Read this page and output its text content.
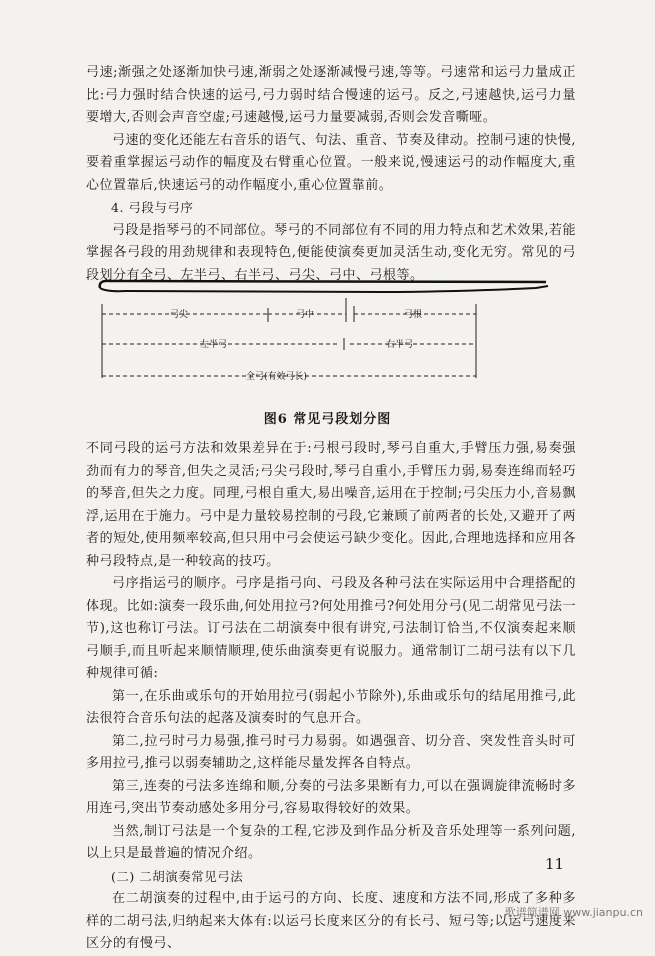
弓速;渐强之处逐渐加快弓速,渐弱之处逐渐减慢弓速,等等。弓速常和运弓力量成正比:弓力强时结合快速的运弓,弓力弱时结合慢速的运弓。反之,弓速越快,运弓力量要增大,否则会声音空虚;弓速越慢,运弓力量要减弱,否则会发音嘶哑。

弓速的变化还能左右音乐的语气、句法、重音、节奏及律动。控制弓速的快慢,要着重掌握运弓动作的幅度及右臂重心位置。一般来说,慢速运弓的动作幅度大,重心位置靠后,快速运弓的动作幅度小,重心位置靠前。

4. 弓段与弓序

弓段是指琴弓的不同部位。琴弓的不同部位有不同的用力特点和艺术效果,若能掌握各弓段的用劲规律和表现特色,便能使演奏更加灵活生动,变化无穷。常见的弓段划分有全弓、左半弓、右半弓、弓尖、弓中、弓根等。

弓尖	弓中	弓根
左半弓	右半弓
全弓(有效弓长)
图6 常见弓段划分图

不同弓段的运弓方法和效果差异在于:弓根弓段时,琴弓自重大,手臂压力强,易奏强劲而有力的琴音,但失之灵活;弓尖弓段时,琴弓自重小,手臂压力弱,易奏连绵而轻巧的琴音,但失之力度。同理,弓根自重大,易出噪音,运用在于控制;弓尖压力小,音易飘浮,运用在于施力。弓中是力量较易控制的弓段,它兼顾了前两者的长处,又避开了两者的短处,使用频率较高,但只用中弓会使运弓缺少变化。因此,合理地选择和应用各种弓段特点,是一种较高的技巧。

弓序指运弓的顺序。弓序是指弓向、弓段及各种弓法在实际运用中合理搭配的体现。比如:演奏一段乐曲,何处用拉弓?何处用推弓?何处用分弓(见二胡常见弓法一节),这也称订弓法。订弓法在二胡演奏中很有讲究,弓法制订恰当,不仅演奏起来顺弓顺手,而且听起来顺情顺理,使乐曲演奏更有说服力。通常制订二胡弓法有以下几种规律可循:

第一,在乐曲或乐句的开始用拉弓(弱起小节除外),乐曲或乐句的结尾用推弓,此法很符合音乐句法的起落及演奏时的气息开合。

第二,拉弓时弓力易强,推弓时弓力易弱。如遇强音、切分音、突发性音头时可多用拉弓,推弓以弱奏辅助之,这样能尽量发挥各自特点。

第三,连奏的弓法多连绵和顺,分奏的弓法多果断有力,可以在强调旋律流畅时多用连弓,突出节奏动感处多用分弓,容易取得较好的效果。

当然,制订弓法是一个复杂的工程,它涉及到作品分析及音乐处理等一系列问题,以上只是最普遍的情况介绍。

(二) 二胡演奏常见弓法

在二胡演奏的过程中,由于运弓的方向、长度、速度和方法不同,形成了多种多样的二胡弓法,归纳起来大体有:以运弓长度来区分的有长弓、短弓等;以运弓速度来区分的有慢弓、

11
歌谱简谱网 www.jianpu.cn
